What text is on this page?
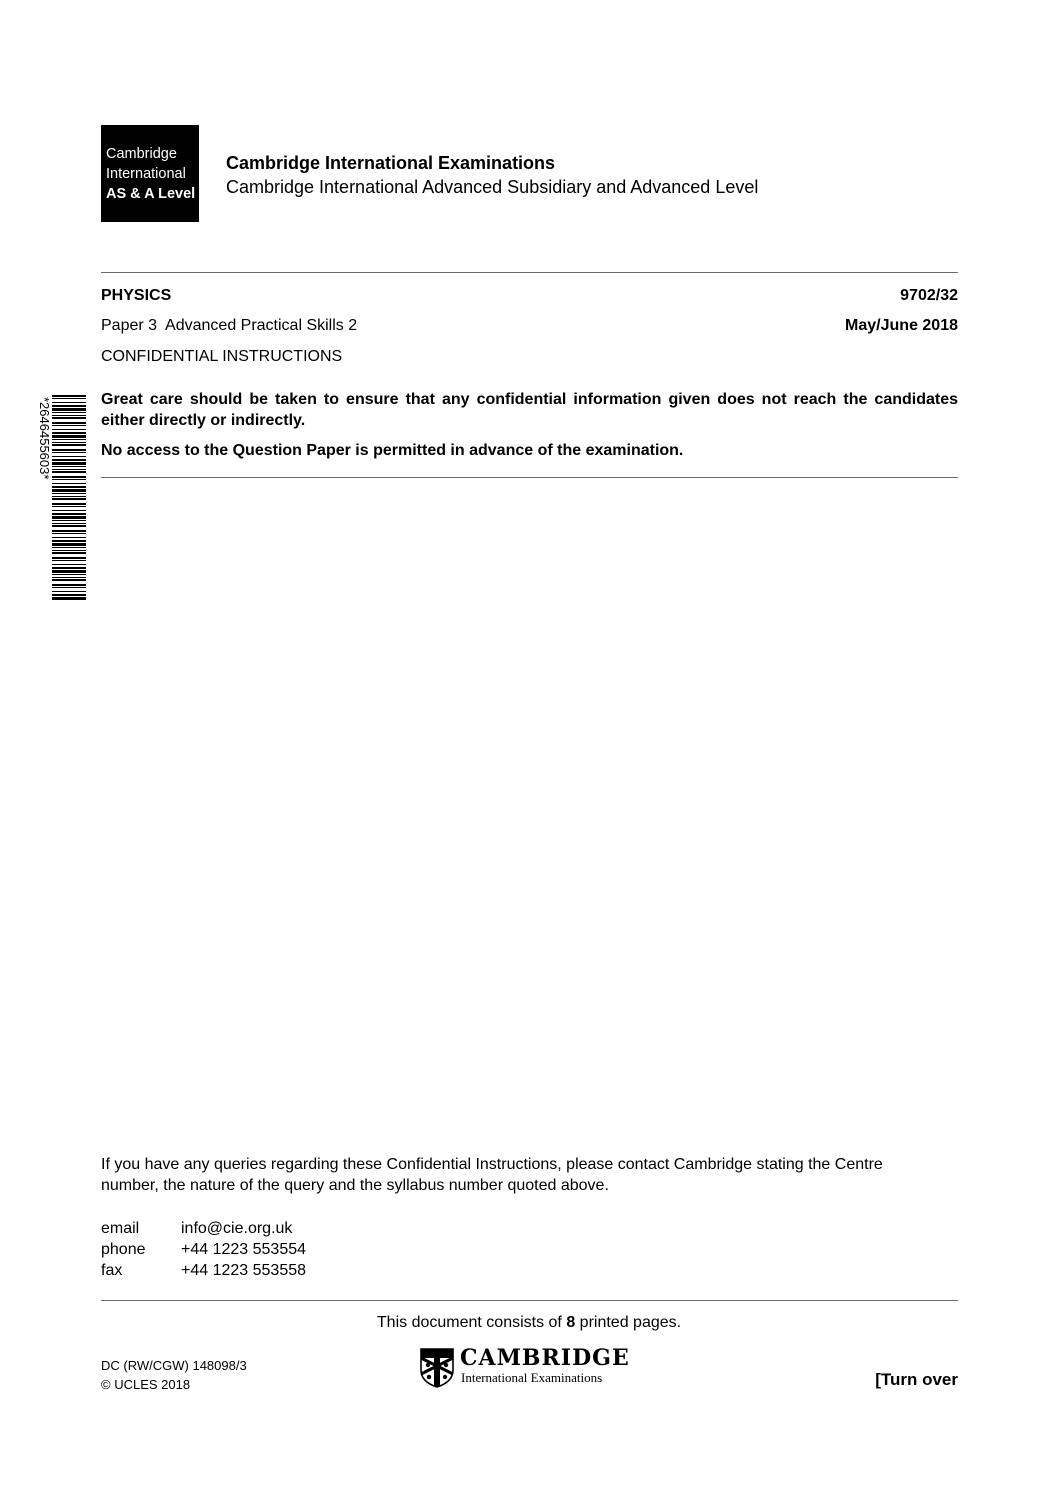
Cambridge
International
AS & A Level
Cambridge International Examinations
Cambridge International Advanced Subsidiary and Advanced Level
PHYSICS	9702/32
Paper 3  Advanced Practical Skills 2	May/June 2018
CONFIDENTIAL INSTRUCTIONS
Great care should be taken to ensure that any confidential information given does not reach the candidates either directly or indirectly.
No access to the Question Paper is permitted in advance of the examination.
*2646455603*
If you have any queries regarding these Confidential Instructions, please contact Cambridge stating the Centre number, the nature of the query and the syllabus number quoted above.
email	info@cie.org.uk
phone	+44 1223 553554
fax	+44 1223 553558
This document consists of 8 printed pages.
DC (RW/CGW) 148098/3
© UCLES 2018
CAMBRIDGE
International Examinations	[Turn over
